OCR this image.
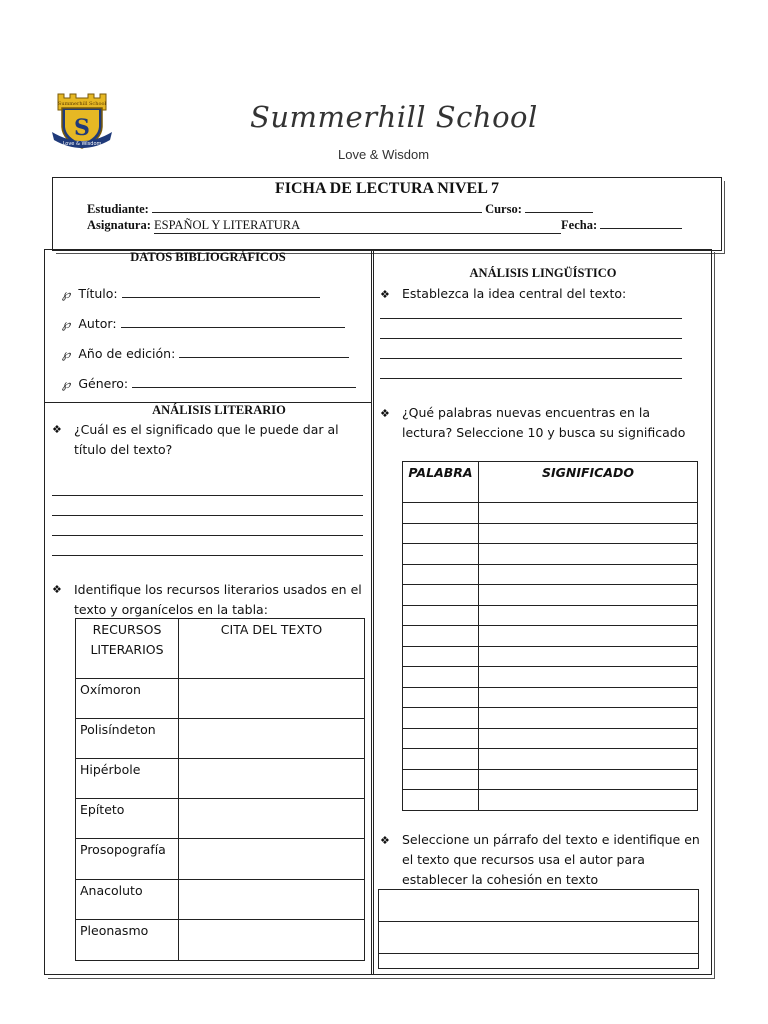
S
Love & Wisdom
Summerhill School	Summerhill School
Love & Wisdom
FICHA DE LECTURA NIVEL 7
Estudiante:	Curso:
Asignatura: ESPAÑOL Y LITERATURA	Fecha:
DATOS BIBLIOGRÁFICOS
℘ Título:
℘ Autor:
℘ Año de edición:
℘ Género:
ANÁLISIS LITERARIO
❖ ¿Cuál es el significado que le puede dar al título del texto?
❖ Identifique los recursos literarios usados en el texto y organícelos en la tabla:
RECURSOS LITERARIOS	CITA DEL TEXTO
Oxímoron	
Polisíndeton	
Hipérbole	
Epíteto	
Prosopografía	
Anacoluto	
Pleonasmo	
ANÁLISIS LINGÜÍSTICO
❖ Establezca la idea central del texto:
❖ ¿Qué palabras nuevas encuentras en la lectura? Seleccione 10 y busca su significado
PALABRA	SIGNIFICADO

❖ Seleccione un párrafo del texto e identifique en el texto que recursos usa el autor para establecer la cohesión en texto
